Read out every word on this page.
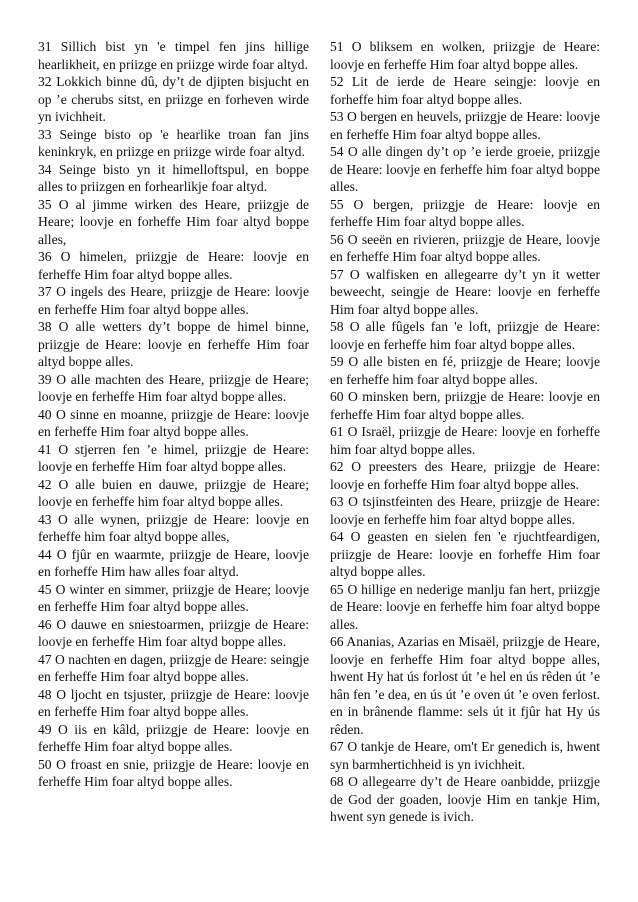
31 Sillich bist yn 'e timpel fen jins hillige hearlikheit, en priizge en priizge wirde foar altyd.

32 Lokkich binne dû, dy’t de djipten bisjucht en op ’e cherubs sitst, en priizge en forheven wirde yn ivichheit.

33 Seinge bisto op 'e hearlike troan fan jins keninkryk, en priizge en priizge wirde foar altyd.

34 Seinge bisto yn it himelloftspul, en boppe alles to priizgen en forhearlikje foar altyd.

35 O al jimme wirken des Heare, priizgje de Heare; loovje en forheffe Him foar altyd boppe alles,

36 O himelen, priizgje de Heare: loovje en ferheffe Him foar altyd boppe alles.

37 O ingels des Heare, priizgje de Heare: loovje en ferheffe Him foar altyd boppe alles.

38 O alle wetters dy’t boppe de himel binne, priizgje de Heare: loovje en ferheffe Him foar altyd boppe alles.

39 O alle machten des Heare, priizgje de Heare; loovje en ferheffe Him foar altyd boppe alles.

40 O sinne en moanne, priizgje de Heare: loovje en ferheffe Him foar altyd boppe alles.

41 O stjerren fen ’e himel, priizgje de Heare: loovje en ferheffe Him foar altyd boppe alles.

42 O alle buien en dauwe, priizgje de Heare; loovje en ferheffe him foar altyd boppe alles.

43 O alle wynen, priizgje de Heare: loovje en ferheffe him foar altyd boppe alles,

44 O fjûr en waarmte, priizgje de Heare, loovje en forheffe Him haw alles foar altyd.

45 O winter en simmer, priizgje de Heare; loovje en ferheffe Him foar altyd boppe alles.

46 O dauwe en sniestoarmen, priizgje de Heare: loovje en ferheffe Him foar altyd boppe alles.

47 O nachten en dagen, priizgje de Heare: seingje en ferheffe Him foar altyd boppe alles.

48 O ljocht en tsjuster, priizgje de Heare: loovje en ferheffe Him foar altyd boppe alles.

49 O iis en kâld, priizgje de Heare: loovje en ferheffe Him foar altyd boppe alles.

50 O froast en snie, priizgje de Heare: loovje en ferheffe Him foar altyd boppe alles.

51 O bliksem en wolken, priizgje de Heare: loovje en ferheffe Him foar altyd boppe alles.

52 Lit de ierde de Heare seingje: loovje en forheffe him foar altyd boppe alles.

53 O bergen en heuvels, priizgje de Heare: loovje en ferheffe Him foar altyd boppe alles.

54 O alle dingen dy’t op ’e ierde groeie, priizgje de Heare: loovje en ferheffe him foar altyd boppe alles.

55 O bergen, priizgje de Heare: loovje en ferheffe Him foar altyd boppe alles.

56 O seeën en rivieren, priizgje de Heare, loovje en ferheffe Him foar altyd boppe alles.

57 O walfisken en allegearre dy’t yn it wetter beweecht, seingje de Heare: loovje en ferheffe Him foar altyd boppe alles.

58 O alle fûgels fan 'e loft, priizgje de Heare: loovje en ferheffe him foar altyd boppe alles.

59 O alle bisten en fé, priizgje de Heare; loovje en ferheffe him foar altyd boppe alles.

60 O minsken bern, priizgje de Heare: loovje en ferheffe Him foar altyd boppe alles.

61 O Israël, priizgje de Heare: loovje en forheffe him foar altyd boppe alles.

62 O preesters des Heare, priizgje de Heare: loovje en forheffe Him foar altyd boppe alles.

63 O tsjinstfeinten des Heare, priizgje de Heare: loovje en ferheffe him foar altyd boppe alles.

64 O geasten en sielen fen 'e rjuchtfeardigen, priizgje de Heare: loovje en forheffe Him foar altyd boppe alles.

65 O hillige en nederige manlju fan hert, priizgje de Heare: loovje en ferheffe him foar altyd boppe alles.

66 Ananias, Azarias en Misaël, priizgje de Heare, loovje en ferheffe Him foar altyd boppe alles, hwent Hy hat ús forlost út ’e hel en ús rêden út ’e hân fen ’e dea, en ús út ’e oven út ’e oven ferlost. en in brânende flamme: sels út it fjûr hat Hy ús rêden.

67 O tankje de Heare, om't Er genedich is, hwent syn barmhertichheid is yn ivichheit.

68 O allegearre dy’t de Heare oanbidde, priizgje de God der goaden, loovje Him en tankje Him, hwent syn genede is ivich.
